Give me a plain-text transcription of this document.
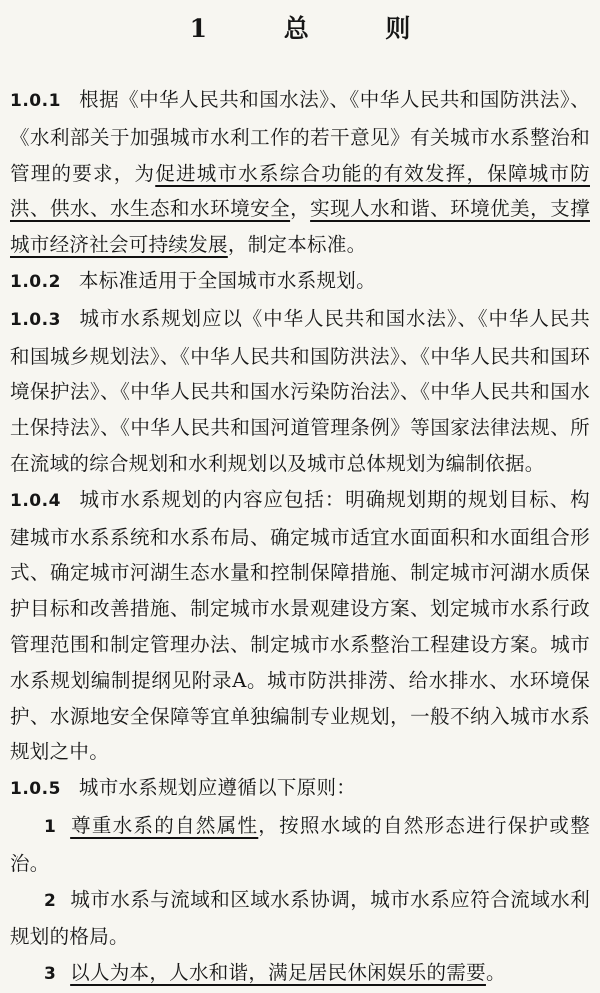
1 总 则

1.0.1 根据《中华人民共和国水法》、《中华人民共和国防洪法》、《水利部关于加强城市水利工作的若干意见》有关城市水系整治和管理的要求，为促进城市水系综合功能的有效发挥，保障城市防洪、供水、水生态和水环境安全，实现人水和谐、环境优美，支撑城市经济社会可持续发展，制定本标准。

1.0.2 本标准适用于全国城市水系规划。

1.0.3 城市水系规划应以《中华人民共和国水法》、《中华人民共和国城乡规划法》、《中华人民共和国防洪法》、《中华人民共和国环境保护法》、《中华人民共和国水污染防治法》、《中华人民共和国水土保持法》、《中华人民共和国河道管理条例》等国家法律法规、所在流域的综合规划和水利规划以及城市总体规划为编制依据。

1.0.4 城市水系规划的内容应包括：明确规划期的规划目标、构建城市水系系统和水系布局、确定城市适宜水面面积和水面组合形式、确定城市河湖生态水量和控制保障措施、制定城市河湖水质保护目标和改善措施、制定城市水景观建设方案、划定城市水系行政管理范围和制定管理办法、制定城市水系整治工程建设方案。城市水系规划编制提纲见附录A。城市防洪排涝、给水排水、水环境保护、水源地安全保障等宜单独编制专业规划，一般不纳入城市水系规划之中。

1.0.5 城市水系规划应遵循以下原则：

1 尊重水系的自然属性，按照水域的自然形态进行保护或整治。

2 城市水系与流域和区域水系协调，城市水系应符合流域水利规划的格局。

3 以人为本，人水和谐，满足居民休闲娱乐的需要。
